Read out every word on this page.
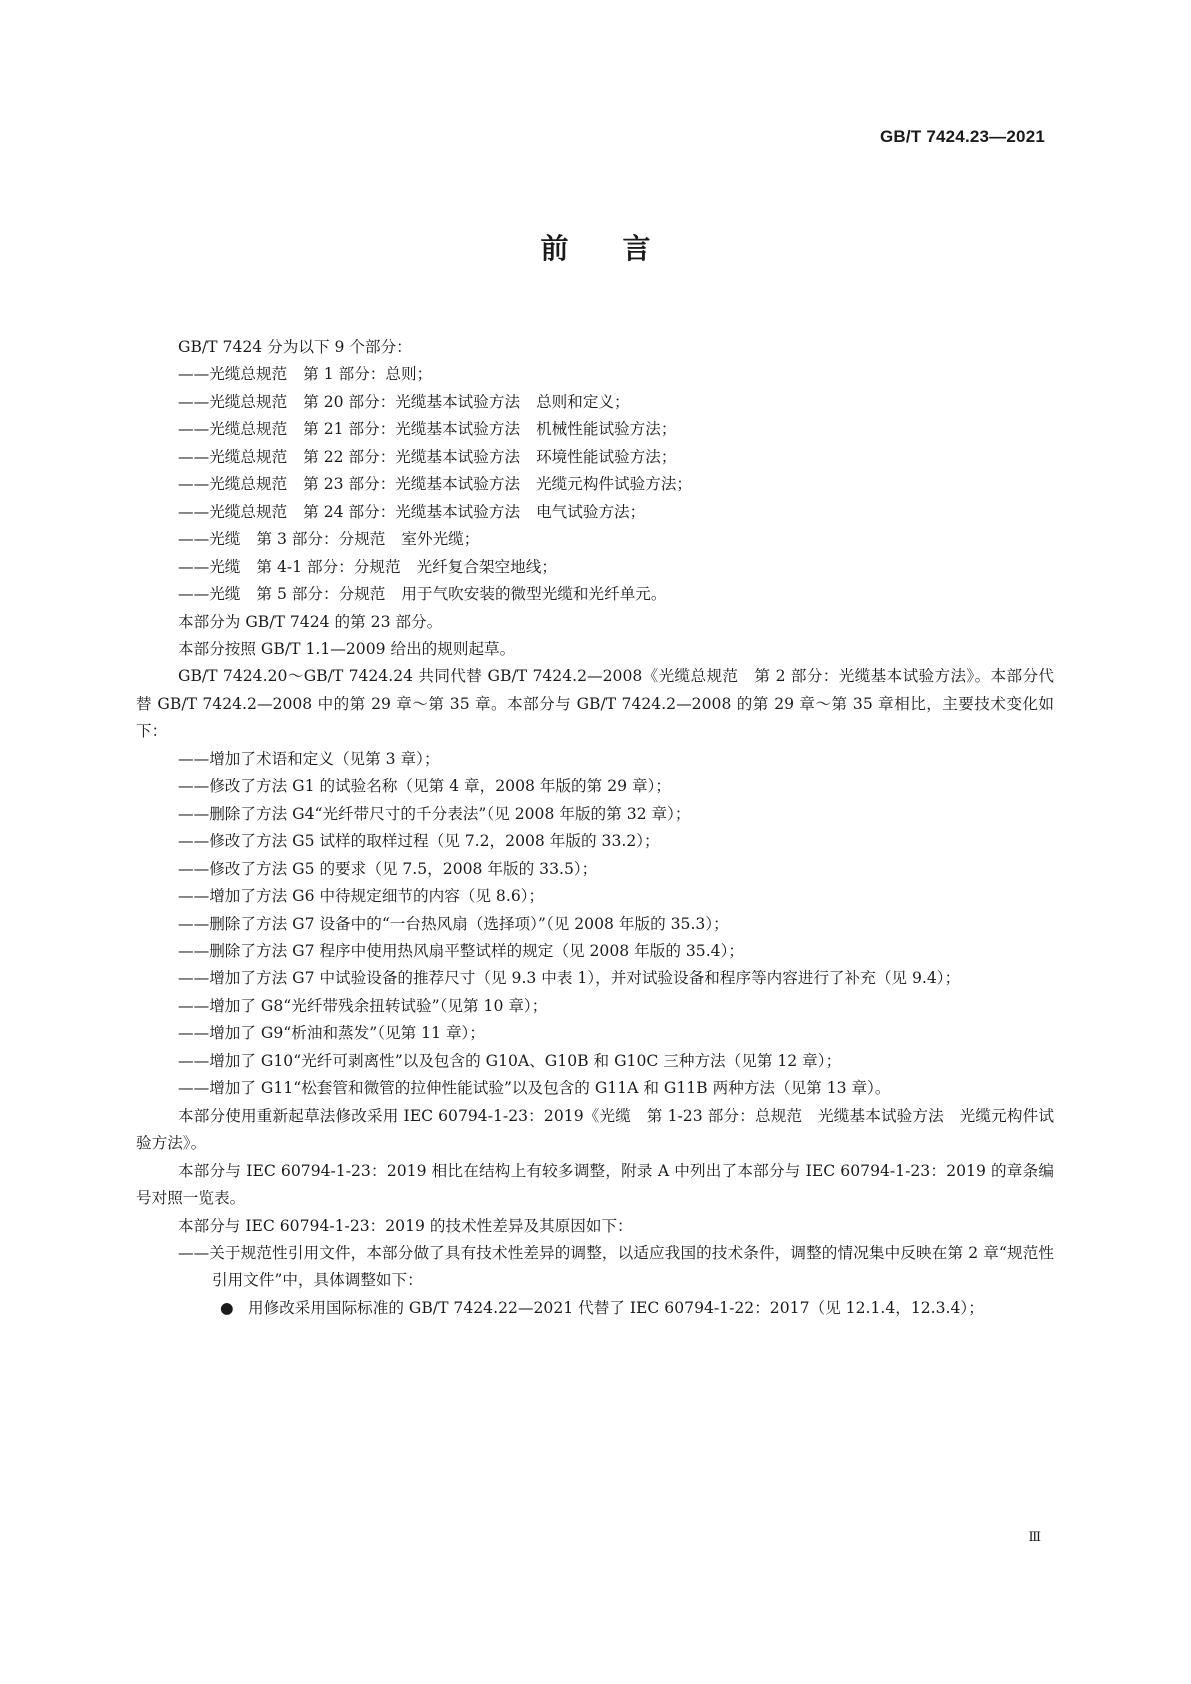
GB/T 7424.23—2021
前 言
GB/T 7424 分为以下 9 个部分：
——光缆总规范 第 1 部分：总则；
——光缆总规范 第 20 部分：光缆基本试验方法 总则和定义；
——光缆总规范 第 21 部分：光缆基本试验方法 机械性能试验方法；
——光缆总规范 第 22 部分：光缆基本试验方法 环境性能试验方法；
——光缆总规范 第 23 部分：光缆基本试验方法 光缆元构件试验方法；
——光缆总规范 第 24 部分：光缆基本试验方法 电气试验方法；
——光缆 第 3 部分：分规范 室外光缆；
——光缆 第 4-1 部分：分规范 光纤复合架空地线；
——光缆 第 5 部分：分规范 用于气吹安装的微型光缆和光纤单元。
本部分为 GB/T 7424 的第 23 部分。
本部分按照 GB/T 1.1—2009 给出的规则起草。
GB/T 7424.20～GB/T 7424.24 共同代替 GB/T 7424.2—2008《光缆总规范　第 2 部分：光缆基本试验方法》。本部分代替 GB/T 7424.2—2008 中的第 29 章～第 35 章。本部分与 GB/T 7424.2—2008 的第 29 章～第 35 章相比，主要技术变化如下：
——增加了术语和定义（见第 3 章）；
——修改了方法 G1 的试验名称（见第 4 章，2008 年版的第 29 章）；
——删除了方法 G4“光纤带尺寸的千分表法”（见 2008 年版的第 32 章）；
——修改了方法 G5 试样的取样过程（见 7.2，2008 年版的 33.2）；
——修改了方法 G5 的要求（见 7.5，2008 年版的 33.5）；
——增加了方法 G6 中待规定细节的内容（见 8.6）；
——删除了方法 G7 设备中的“一台热风扇（选择项）”（见 2008 年版的 35.3）；
——删除了方法 G7 程序中使用热风扇平整试样的规定（见 2008 年版的 35.4）；
——增加了方法 G7 中试验设备的推荐尺寸（见 9.3 中表 1），并对试验设备和程序等内容进行了补充（见 9.4）；
——增加了 G8“光纤带残余扭转试验”（见第 10 章）；
——增加了 G9“析油和蒸发”（见第 11 章）；
——增加了 G10“光纤可剥离性”以及包含的 G10A、G10B 和 G10C 三种方法（见第 12 章）；
——增加了 G11“松套管和微管的拉伸性能试验”以及包含的 G11A 和 G11B 两种方法（见第 13 章）。
本部分使用重新起草法修改采用 IEC 60794-1-23：2019《光缆　第 1-23 部分：总规范　光缆基本试验方法　光缆元构件试验方法》。
本部分与 IEC 60794-1-23：2019 相比在结构上有较多调整，附录 A 中列出了本部分与 IEC 60794-1-23：2019 的章条编号对照一览表。
本部分与 IEC 60794-1-23：2019 的技术性差异及其原因如下：
——关于规范性引用文件，本部分做了具有技术性差异的调整，以适应我国的技术条件，调整的情况集中反映在第 2 章“规范性引用文件”中，具体调整如下：
● 用修改采用国际标准的 GB/T 7424.22—2021 代替了 IEC 60794-1-22：2017（见 12.1.4，12.3.4）；
Ⅲ
